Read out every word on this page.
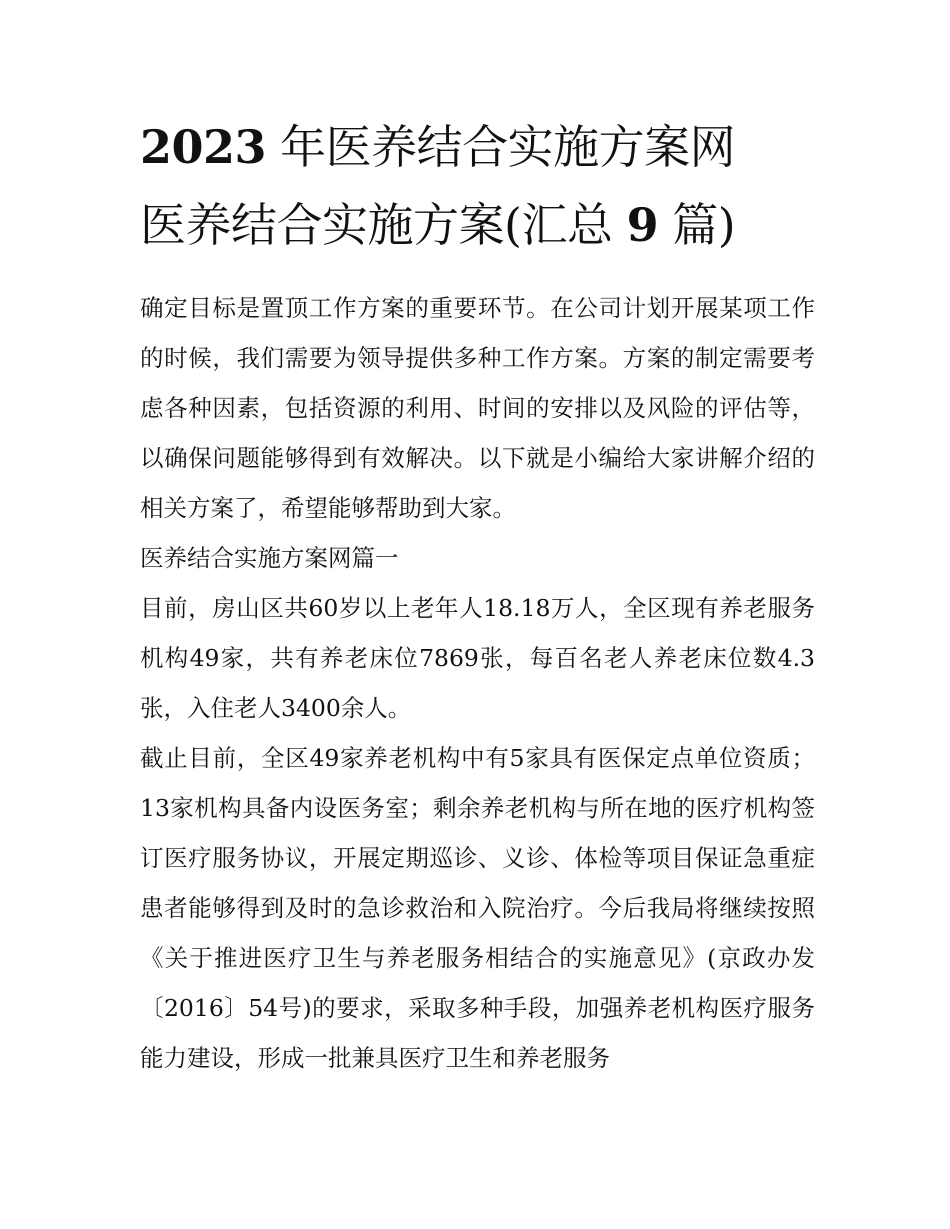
2023 年医养结合实施方案网
医养结合实施方案(汇总 9 篇)

确定目标是置顶工作方案的重要环节。在公司计划开展某项工作的时候，我们需要为领导提供多种工作方案。方案的制定需要考虑各种因素，包括资源的利用、时间的安排以及风险的评估等，以确保问题能够得到有效解决。以下就是小编给大家讲解介绍的相关方案了，希望能够帮助到大家。

医养结合实施方案网篇一

目前，房山区共60岁以上老年人18.18万人，全区现有养老服务机构49家，共有养老床位7869张，每百名老人养老床位数4.3张，入住老人3400余人。

截止目前，全区49家养老机构中有5家具有医保定点单位资质；13家机构具备内设医务室；剩余养老机构与所在地的医疗机构签订医疗服务协议，开展定期巡诊、义诊、体检等项目保证急重症患者能够得到及时的急诊救治和入院治疗。今后我局将继续按照《关于推进医疗卫生与养老服务相结合的实施意见》(京政办发〔2016〕54号)的要求，采取多种手段，加强养老机构医疗服务能力建设，形成一批兼具医疗卫生和养老服务
